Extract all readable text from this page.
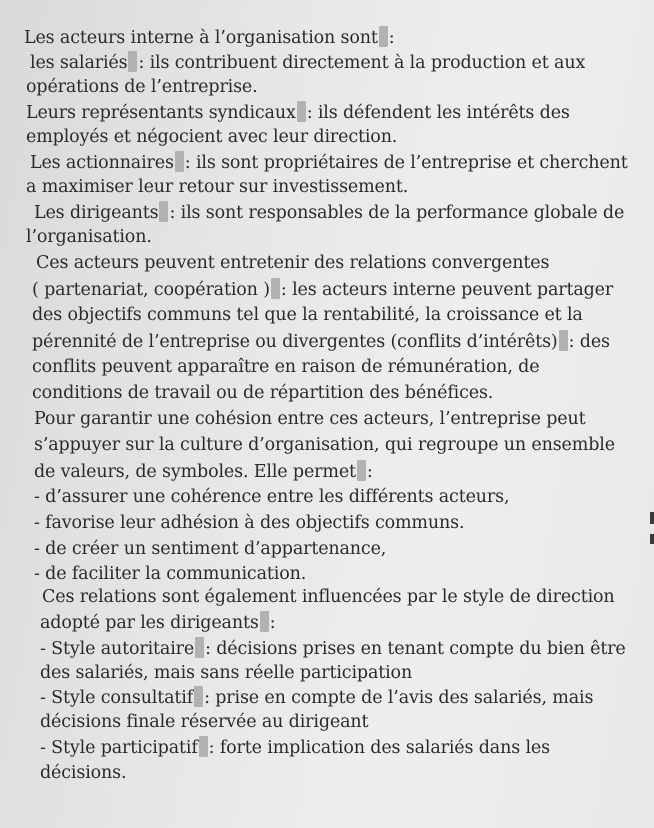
Les acteurs interne à l’organisation sont :

les salariés : ils contribuent directement à la production et aux

opérations de l’entreprise.

Leurs représentants syndicaux : ils défendent les intérêts des

employés et négocient avec leur direction.

Les actionnaires : ils sont propriétaires de l’entreprise et cherchent

a maximiser leur retour sur investissement.

Les dirigeants : ils sont responsables de la performance globale de

l’organisation.

Ces acteurs peuvent entretenir des relations convergentes

( partenariat, coopération ) : les acteurs interne peuvent partager

des objectifs communs tel que la rentabilité, la croissance et la

pérennité de l’entreprise ou divergentes (conflits d’intérêts) : des

conflits peuvent apparaître en raison de rémunération, de

conditions de travail ou de répartition des bénéfices.

Pour garantir une cohésion entre ces acteurs, l’entreprise peut

s’appuyer sur la culture d’organisation, qui regroupe un ensemble

de valeurs, de symboles. Elle permet :

- d’assurer une cohérence entre les différents acteurs,

- favorise leur adhésion à des objectifs communs.

- de créer un sentiment d’appartenance,

- de faciliter la communication.

Ces relations sont également influencées par le style de direction

adopté par les dirigeants :

- Style autoritaire : décisions prises en tenant compte du bien être

des salariés, mais sans réelle participation

- Style consultatif : prise en compte de l’avis des salariés, mais

décisions finale réservée au dirigeant

- Style participatif : forte implication des salariés dans les

décisions.
